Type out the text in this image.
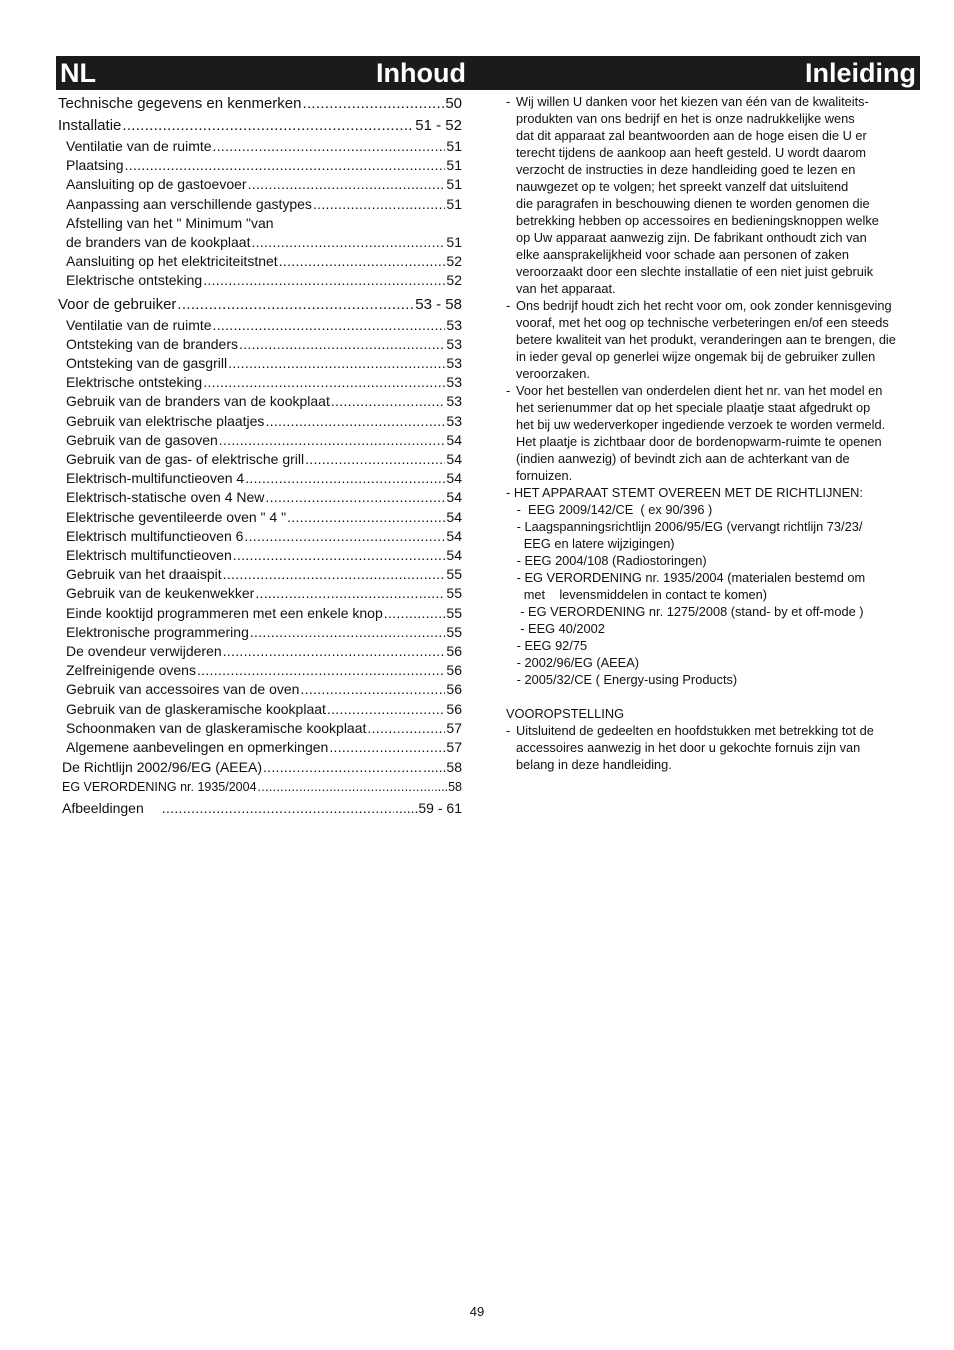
NL	Inhoud	Inleiding
Technische gegevens en kenmerken .....	50
Installatie .....	51 - 52
Ventilatie van de ruimte .....	51
Plaatsing .....	51
Aansluiting op de gastoevoer .....	51
Aanpassing aan verschillende gastypes .....	51
Afstelling van het " Minimum "van
de branders van de kookplaat .....	51
Aansluiting op het elektriciteitstnet .....	52
Elektrische ontsteking .....	52
Voor de gebruiker .....	53 - 58
Ventilatie van de ruimte .....	53
Ontsteking van de branders .....	53
Ontsteking van de gasgrill .....	53
Elektrische ontsteking .....	53
Gebruik van de branders van de kookplaat .....	53
Gebruik van elektrische plaatjes .....	53
Gebruik van de gasoven .....	54
Gebruik van de gas- of elektrische grill .....	54
Elektrisch-multifunctieoven 4 .....	54
Elektrisch-statische oven 4 New .....	54
Elektrische geventileerde oven " 4 " .....	54
Elektrisch multifunctieoven 6 .....	54
Elektrisch multifunctieoven .....	54
Gebruik van het draaispit .....	55
Gebruik van de keukenwekker .....	55
Einde kooktijd programmeren met een enkele knop .....	55
Elektronische programmering .....	55
De ovendeur verwijderen .....	56
Zelfreinigende ovens .....	56
Gebruik van accessoires van de oven .....	56
Gebruik van de glaskeramische kookplaat .....	56
Schoonmaken van de glaskeramische kookplaat .....	57
Algemene aanbevelingen en opmerkingen .....	57
De Richtlijn 2002/96/EG (AEEA) .....	......58
EG VERORDENING nr. 1935/2004 .....	....58
Afbeeldingen .....	......59 - 61
- Wij willen U danken voor het kiezen van één van de kwaliteits-
produkten van ons bedrijf en het is onze nadrukkelijke wens
dat dit apparaat zal beantwoorden aan de hoge eisen die U er
terecht tijdens de aankoop aan heeft gesteld. U wordt daarom
verzocht de instructies in deze handleiding goed te lezen en
nauwgezet op te volgen; het spreekt vanzelf dat uitsluitend
die paragrafen in beschouwing dienen te worden genomen die
betrekking hebben op accessoires en bedieningsknoppen welke
op Uw apparaat aanwezig zijn. De fabrikant onthoudt zich van
elke aansprakelijkheid voor schade aan personen of zaken
veroorzaakt door een slechte installatie of een niet juist gebruik
van het apparaat.
- Ons bedrijf houdt zich het recht voor om, ook zonder kennisgeving
vooraf, met het oog op technische verbeteringen en/of een steeds
betere kwaliteit van het produkt, veranderingen aan te brengen, die
in ieder geval op generlei wijze ongemak bij de gebruiker zullen
veroorzaken.
- Voor het bestellen van onderdelen dient het nr. van het model en
het serienummer dat op het speciale plaatje staat afgedrukt op
het bij uw wederverkoper ingediende verzoek te worden vermeld.
Het plaatje is zichtbaar door de bordenopwarm-ruimte te openen
(indien aanwezig) of bevindt zich aan de achterkant van de
fornuizen.
- HET APPARAAT STEMT OVEREEN MET DE RICHTLIJNEN:
-  EEG 2009/142/CE  ( ex 90/396 )
- Laagspanningsrichtlijn 2006/95/EG (vervangt richtlijn 73/23/
EEG en latere wijzigingen)
- EEG 2004/108 (Radiostoringen)
- EG VERORDENING nr. 1935/2004 (materialen bestemd om
met    levensmiddelen in contact te komen)
- EG VERORDENING nr. 1275/2008 (stand- by et off-mode )
- EEG 40/2002
- EEG 92/75
- 2002/96/EG (AEEA)
- 2005/32/CE ( Energy-using Products)
VOOROPSTELLING
- Uitsluitend de gedeelten en hoofdstukken met betrekking tot de
accessoires aanwezig in het door u gekochte fornuis zijn van
belang in deze handleiding.
49
